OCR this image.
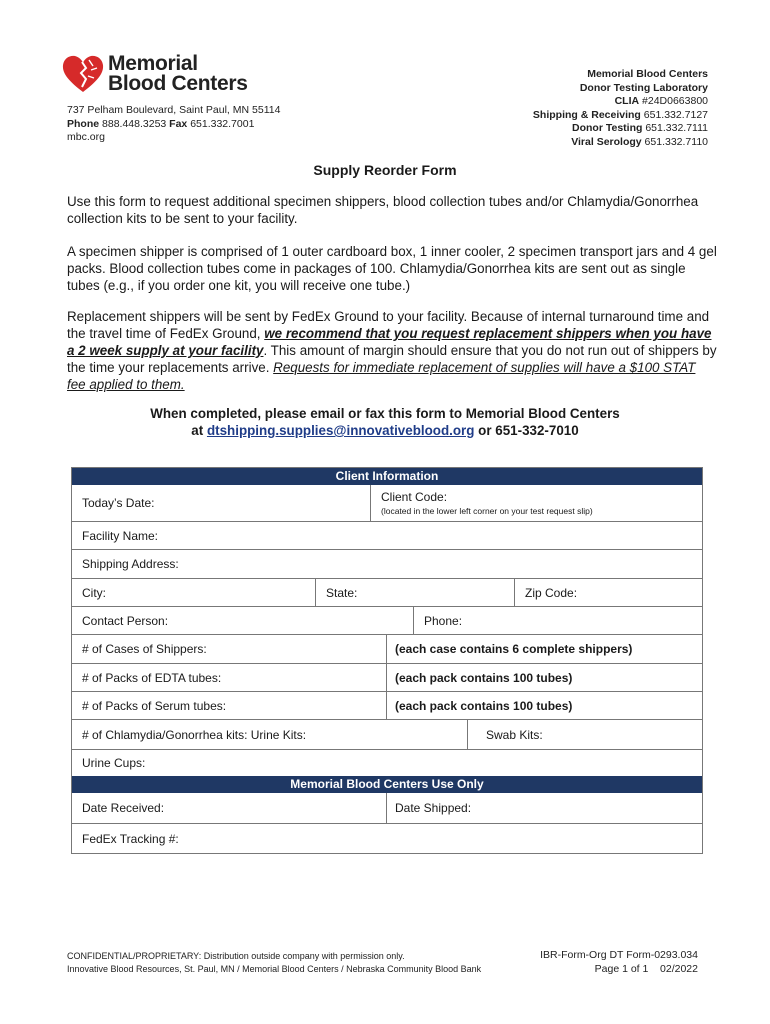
Memorial
Blood Centers
737 Pelham Boulevard, Saint Paul, MN 55114
Phone 888.448.3253 Fax 651.332.7001
mbc.org
Memorial Blood Centers
Donor Testing Laboratory
CLIA #24D0663800
Shipping & Receiving 651.332.7127
Donor Testing 651.332.7111
Viral Serology 651.332.7110
Supply Reorder Form
Use this form to request additional specimen shippers, blood collection tubes and/or Chlamydia/Gonorrhea collection kits to be sent to your facility.
A specimen shipper is comprised of 1 outer cardboard box, 1 inner cooler, 2 specimen transport jars and 4 gel packs. Blood collection tubes come in packages of 100. Chlamydia/Gonorrhea kits are sent out as single tubes (e.g., if you order one kit, you will receive one tube.)
Replacement shippers will be sent by FedEx Ground to your facility. Because of internal turnaround time and the travel time of FedEx Ground, we recommend that you request replacement shippers when you have a 2 week supply at your facility. This amount of margin should ensure that you do not run out of shippers by the time your replacements arrive. Requests for immediate replacement of supplies will have a $100 STAT fee applied to them.
When completed, please email or fax this form to Memorial Blood Centers
at dtshipping.supplies@innovativeblood.org or 651-332-7010
Client Information
Today’s Date:	Client Code:
(located in the lower left corner on your test request slip)
Facility Name:
Shipping Address:
City:	State:	Zip Code:
Contact Person:	Phone:
# of Cases of Shippers:	(each case contains 6 complete shippers)
# of Packs of EDTA tubes:	(each pack contains 100 tubes)
# of Packs of Serum tubes:	(each pack contains 100 tubes)
# of Chlamydia/Gonorrhea kits: Urine Kits:	Swab Kits:
Urine Cups:
Memorial Blood Centers Use Only
Date Received:	Date Shipped:
FedEx Tracking #:
CONFIDENTIAL/PROPRIETARY: Distribution outside company with permission only.
Innovative Blood Resources, St. Paul, MN / Memorial Blood Centers / Nebraska Community Blood Bank
IBR-Form-Org DT Form-0293.034
Page 1 of 1 02/2022
